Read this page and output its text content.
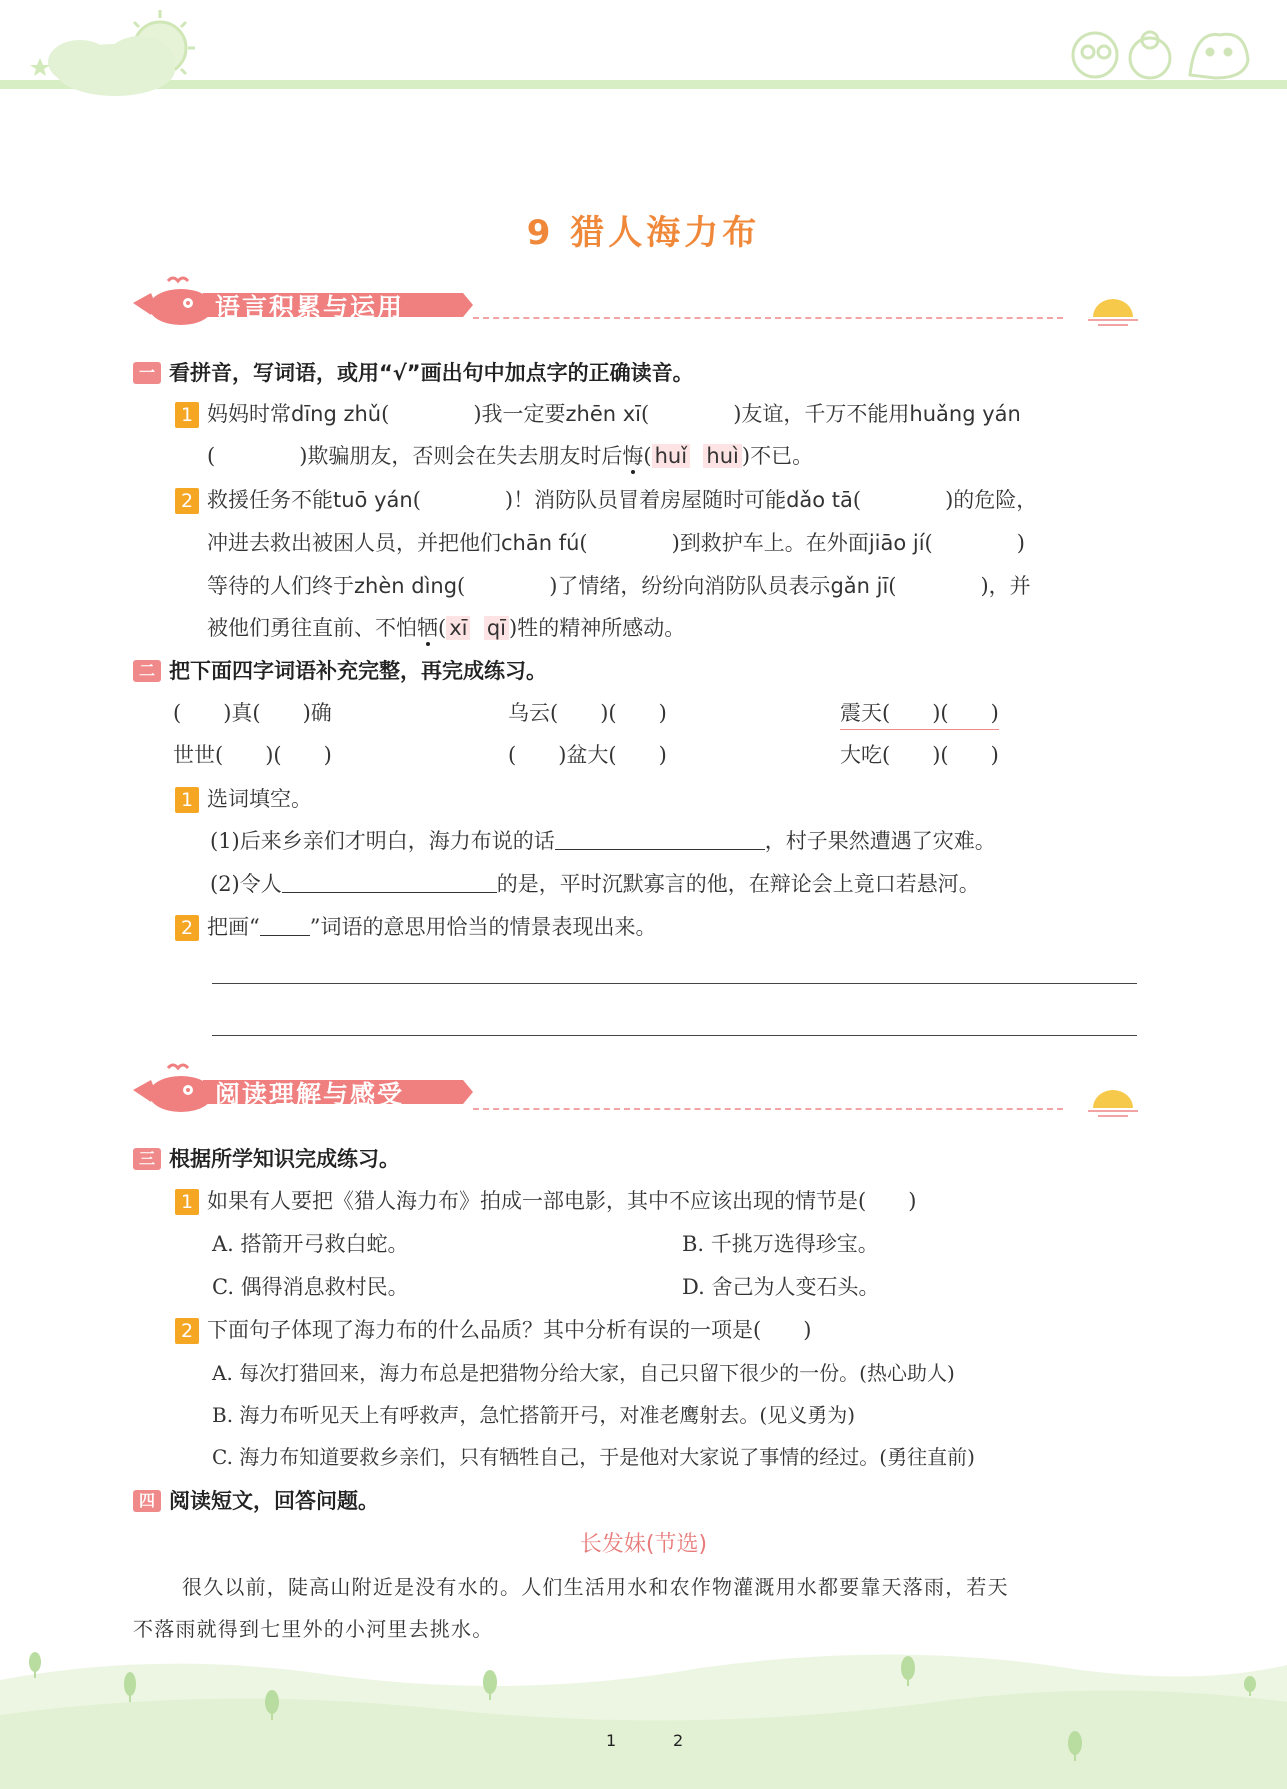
9 猎人海力布
语言积累与运用
一 看拼音，写词语，或用“√”画出句中加点字的正确读音。
1 妈妈时常dīng zhǔ(　　　　)我一定要zhēn xī(　　　　)友谊，千万不能用huǎng yán
(　　　　)欺骗朋友，否则会在失去朋友时后悔( huǐ huì )不已。
2 救援任务不能tuō yán(　　　　)！消防队员冒着房屋随时可能dǎo tā(　　　　)的危险，
冲进去救出被困人员，并把他们chān fú(　　　　)到救护车上。在外面jiāo jí(　　　　)
等待的人们终于zhèn dìng(　　　　)了情绪，纷纷向消防队员表示gǎn jī(　　　　)，并
被他们勇往直前、不怕牺( xī qī )牲的精神所感动。
二 把下面四字词语补充完整，再完成练习。
(　　)真(　　)确	乌云(　　)(　　)	震天(　　)(　　)
世世(　　)(　　)	(　　)盆大(　　)	大吃(　　)(　　)
1 选词填空。
(1)后来乡亲们才明白，海力布说的话	，村子果然遭遇了灾难。
(2)令人	的是，平时沉默寡言的他，在辩论会上竟口若悬河。
2 把画“ ”词语的意思用恰当的情景表现出来。
阅读理解与感受
三 根据所学知识完成练习。
1 如果有人要把《猎人海力布》拍成一部电影，其中不应该出现的情节是(　　)
A. 搭箭开弓救白蛇。	B. 千挑万选得珍宝。
C. 偶得消息救村民。	D. 舍己为人变石头。
2 下面句子体现了海力布的什么品质？其中分析有误的一项是(　　)
A. 每次打猎回来，海力布总是把猎物分给大家，自己只留下很少的一份。(热心助人)
B. 海力布听见天上有呼救声，急忙搭箭开弓，对准老鹰射去。(见义勇为)
C. 海力布知道要救乡亲们，只有牺牲自己，于是他对大家说了事情的经过。(勇往直前)
四 阅读短文，回答问题。
长发妹(节选)
很久以前，陡高山附近是没有水的。人们生活用水和农作物灌溉用水都要靠天落雨，若天
不落雨就得到七里外的小河里去挑水。
1	2
